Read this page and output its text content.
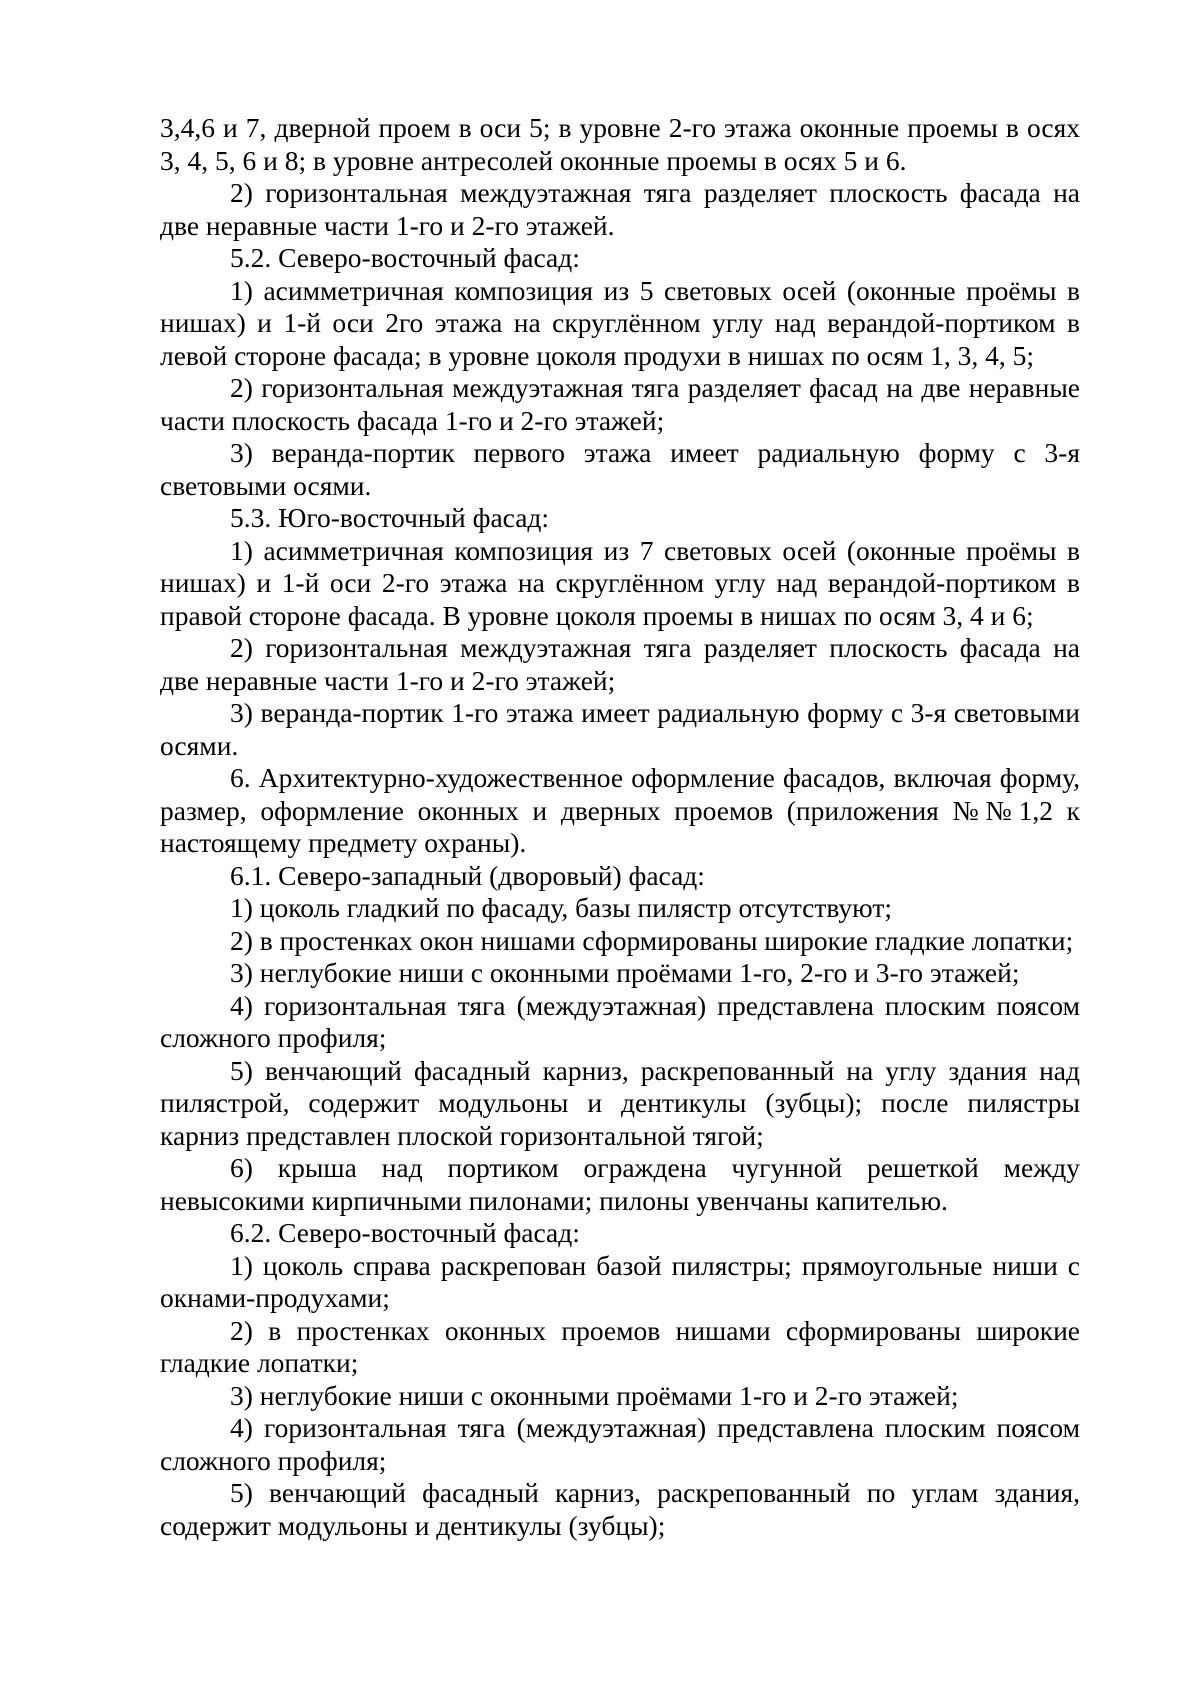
3,4,6 и 7, дверной проем в оси 5; в уровне 2-го этажа оконные проемы в осях 3, 4, 5, 6 и 8; в уровне антресолей оконные проемы в осях 5 и 6.

2) горизонтальная междуэтажная тяга разделяет плоскость фасада на две неравные части 1-го и 2-го этажей.

5.2. Северо-восточный фасад:

1) асимметричная композиция из 5 световых осей (оконные проёмы в нишах) и 1-й оси 2го этажа на скруглённом углу над верандой-портиком в левой стороне фасада; в уровне цоколя продухи в нишах по осям 1, 3, 4, 5;

2) горизонтальная междуэтажная тяга разделяет фасад на две неравные части плоскость фасада 1-го и 2-го этажей;

3) веранда-портик первого этажа имеет радиальную форму с 3-я световыми осями.

5.3. Юго-восточный фасад:

1) асимметричная композиция из 7 световых осей (оконные проёмы в нишах) и 1-й оси 2-го этажа на скруглённом углу над верандой-портиком в правой стороне фасада. В уровне цоколя проемы в нишах по осям 3, 4 и 6;

2) горизонтальная междуэтажная тяга разделяет плоскость фасада на две неравные части 1-го и 2-го этажей;

3) веранда-портик 1-го этажа имеет радиальную форму с 3-я световыми осями.

6. Архитектурно-художественное оформление фасадов, включая форму, размер, оформление оконных и дверных проемов (приложения №№1,2 к настоящему предмету охраны).

6.1. Северо-западный (дворовый) фасад:

1) цоколь гладкий по фасаду, базы пилястр отсутствуют;

2) в простенках окон нишами сформированы широкие гладкие лопатки;

3) неглубокие ниши с оконными проёмами 1-го, 2-го и 3-го этажей;

4) горизонтальная тяга (междуэтажная) представлена плоским поясом сложного профиля;

5) венчающий фасадный карниз, раскрепованный на углу здания над пилястрой, содержит модульоны и дентикулы (зубцы); после пилястры карниз представлен плоской горизонтальной тягой;

6) крыша над портиком ограждена чугунной решеткой между невысокими кирпичными пилонами; пилоны увенчаны капителью.

6.2. Северо-восточный фасад:

1) цоколь справа раскрепован базой пилястры; прямоугольные ниши с окнами-продухами;

2) в простенках оконных проемов нишами сформированы широкие гладкие лопатки;

3) неглубокие ниши с оконными проёмами 1-го и 2-го этажей;

4) горизонтальная тяга (междуэтажная) представлена плоским поясом сложного профиля;

5) венчающий фасадный карниз, раскрепованный по углам здания, содержит модульоны и дентикулы (зубцы);
